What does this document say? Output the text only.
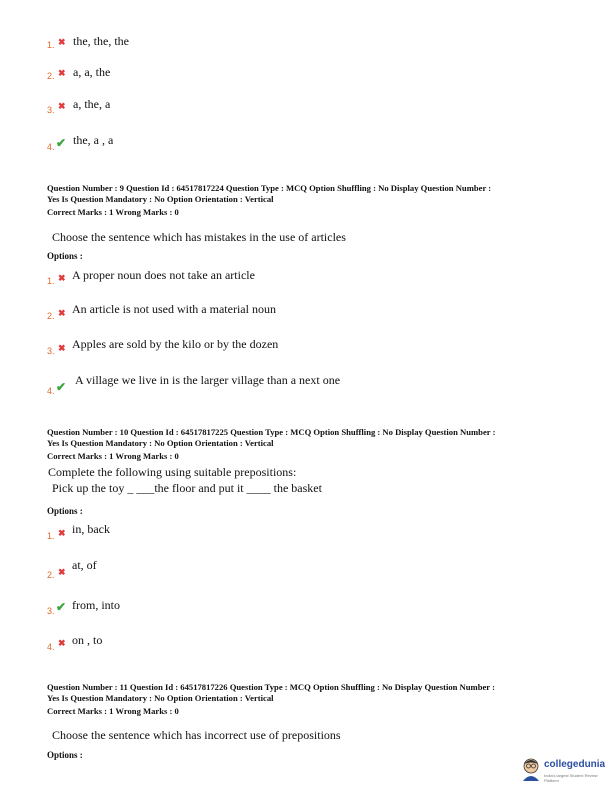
1. ✖ the, the, the
2. ✖ a, a, the
3. ✖ a, the, a
4. ✔ the, a , a
Question Number : 9 Question Id : 64517817224 Question Type : MCQ Option Shuffling : No Display Question Number :
Yes Is Question Mandatory : No Option Orientation : Vertical
Correct Marks : 1 Wrong Marks : 0
Choose the sentence which has mistakes in the use of articles
Options :
1. ✖ A proper noun does not take an article
2. ✖ An article is not used with a material noun
3. ✖ Apples are sold by the kilo or by the dozen
4. ✔ A village we live in is the larger village than a next one
Question Number : 10 Question Id : 64517817225 Question Type : MCQ Option Shuffling : No Display Question Number :
Yes Is Question Mandatory : No Option Orientation : Vertical
Correct Marks : 1 Wrong Marks : 0
Complete the following using suitable prepositions:
Pick up the toy _ ___the floor and put it ____ the basket
Options :
1. ✖ in, back
2. ✖ at, of
3. ✔ from, into
4. ✖ on , to
Question Number : 11 Question Id : 64517817226 Question Type : MCQ Option Shuffling : No Display Question Number :
Yes Is Question Mandatory : No Option Orientation : Vertical
Correct Marks : 1 Wrong Marks : 0
Choose the sentence which has incorrect use of prepositions
Options :
collegedunia
India's largest Student Review Platform
